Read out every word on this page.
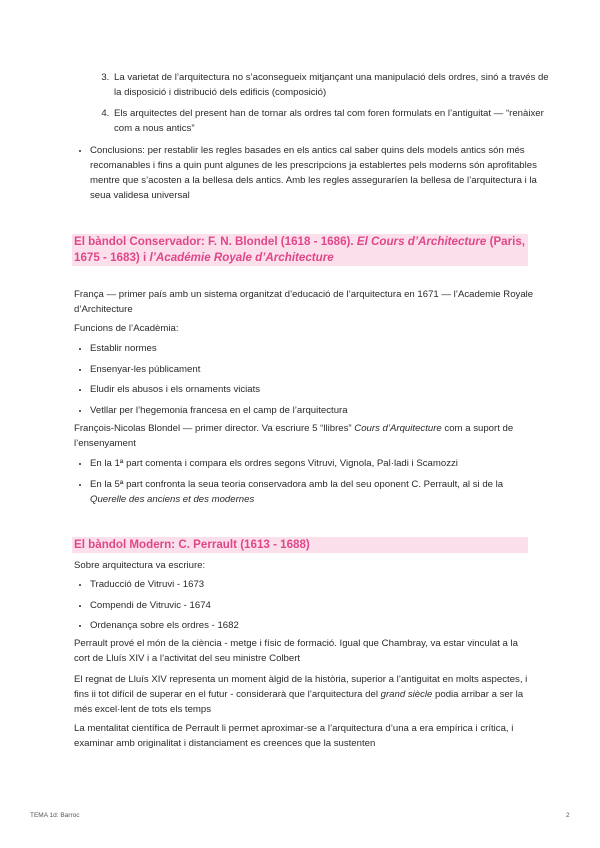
3. La varietat de l’arquitectura no s’aconsegueix mitjançant una manipulació dels ordres, sinó a través de la disposició i distribució dels edificis (composició)
4. Els arquitectes del present han de tornar als ordres tal com foren formulats en l’antiguitat — “renàixer com a nous antics”
• Conclusions: per restablir les regles basades en els antics cal saber quins dels models antics són més recomanables i fins a quin punt algunes de les prescripcions ja establertes pels moderns són aprofitables mentre que s’acosten a la bellesa dels antics. Amb les regles asseguraríen la bellesa de l’arquitectura i la seua validesa universal
El bàndol Conservador: F. N. Blondel (1618 - 1686). El Cours d’Architecture (Paris, 1675 - 1683) i l’Académie Royale d’Architecture

França — primer país amb un sistema organitzat d’educació de l’arquitectura en 1671 — l’Academie Royale d’Architecture

Funcions de l’Acadèmia:

• Establir normes
• Ensenyar-les públicament
• Eludir els abusos i els ornaments viciats
• Vetllar per l’hegemonia francesa en el camp de l’arquitectura

François-Nicolas Blondel — primer director. Va escriure 5 “llibres” Cours d’Arquitecture com a suport de l’ensenyament

• En la 1ª part comenta i compara els ordres segons Vitruvi, Vignola, Pal·ladi i Scamozzi
• En la 5ª part confronta la seua teoria conservadora amb la del seu oponent C. Perrault, al si de la Querelle des anciens et des modernes
El bàndol Modern: C. Perrault (1613 - 1688)

Sobre arquitectura va escriure:

• Traducció de Vitruvi - 1673
• Compendi de Vitruvic - 1674
• Ordenança sobre els ordres - 1682

Perrault prové el món de la ciència - metge i físic de formació. Igual que Chambray, va estar vinculat a la cort de Lluís XIV i a l’activitat del seu ministre Colbert

El regnat de Lluís XIV representa un moment àlgid de la història, superior a l’antiguitat en molts aspectes, i fins ii tot difícil de superar en el futur - considerarà que l’arquitectura del grand siècle podia arribar a ser la més excel·lent de tots els temps

La mentalitat científica de Perrault li permet aproximar-se a l’arquitectura d’una a era empírica i crítica, i examinar amb originalitat i distanciament es creences que la sustenten

TEMA 1d: Barroc	2
